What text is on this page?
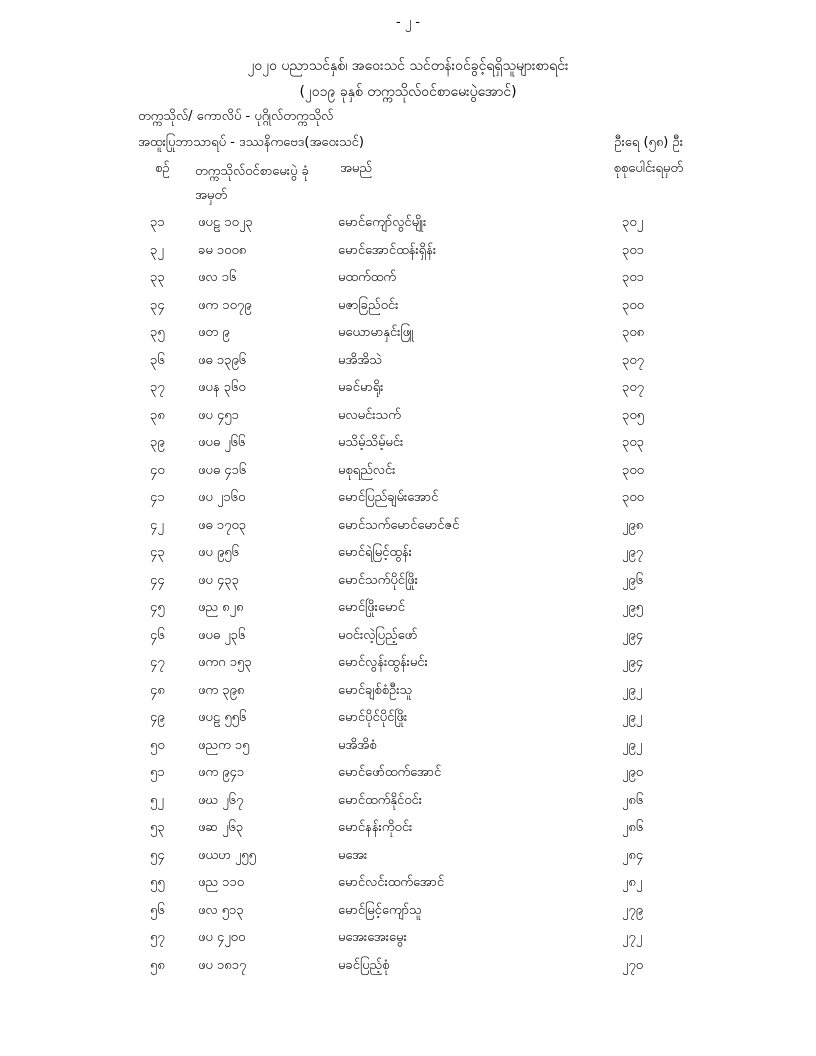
- ၂ -
၂၀၂၀ ပညာသင်နှစ်၊ အဝေးသင် သင်တန်းဝင်ခွင့်ရရှိသူများစာရင်း
(၂၀၁၉ ခုနှစ် တက္ကသိုလ်ဝင်စာမေးပွဲအောင်)
တက္ကသိုလ်/ ကောလိပ် - ပုဂ္ဂိုလ်တက္ကသိုလ်
အထူးပြုဘာသာရပ် - ဒဿနိကဗေဒ(အဝေးသင်)	ဦးရေ (၅၈) ဦး
စဉ် တက္ကသိုလ်ဝင်စာမေးပွဲ ခုံအမှတ်
အမည်	စုစုပေါင်းရမှတ်
၃၁	ဖပဠ ၁၀၂၃	မောင်ကျော်လွင်မျိုး	၃၀၂
၃၂	ခမ ၁၀၀၈	မောင်အောင်ထန်းရှိန်း	၃၀၁
၃၃	ဖလ ၁၆	မထက်ထက်	၃၀၁
၃၄	ဖက ၁၀၇၉	မဇာခြည်ဝင်း	၃၀၀
၃၅	ဖတ ၉	မယောမာနှင်းဖြူ	၃၀၈
၃၆	ဖဓ ၁၃၉၆	မအိအိသဲ	၃၀၇
၃၇	ဖပန ၃၆၀	မခင်မာရိုး	၃၀၇
၃၈	ဖပ ၄၅၁	မလမင်းသက်	၃၀၅
၃၉	ဖပဓ ၂၆၆	မသိမ့်သိမ့်မင်း	၃၀၃
၄၀	ဖပဓ ၄၁၆	မစုရည်လင်း	၃၀၀
၄၁	ဖပ ၂၁၆၀	မောင်ပြည်ချမ်းအောင်	၃၀၀
၄၂	ဖဓ ၁၇၀၃	မောင်သက်မောင်မောင်ဇင်	၂၉၈
၄၃	ဖပ ၉၅၆	မောင်ရဲမြင့်ထွန်း	၂၉၇
၄၄	ဖပ ၄၃၃	မောင်သက်ပိုင်ဖြိုး	၂၉၆
၄၅	ဖည ၈၂၈	မောင်ဖြိုးမောင်	၂၉၅
၄၆	ဖပဓ ၂၃၆	မဝင်းလဲ့ပြည့်ဖော်	၂၉၄
၄၇	ဖကဂ ၁၅၃	မောင်လွန်းထွန်းမင်း	၂၉၄
၄၈	ဖက ၃၉၈	မောင်ချစ်စံဦးသူ	၂၉၂
၄၉	ဖပဠ ၅၅၆	မောင်ပိုင်ပိုင်ဖြိုး	၂၉၂
၅၀	ဖညက ၁၅	မအိအိစံ	၂၉၂
၅၁	ဖက ၉၄၁	မောင်ဖော်ထက်အောင်	၂၉၀
၅၂	ဖဃ ၂၆၇	မောင်ထက်နိုင်ဝင်း	၂၈၆
၅၃	ဖဆ ၂၆၃	မောင်နန်းကိုဝင်း	၂၈၆
၅၄	ဖယဟ ၂၅၅	မအေး	၂၈၄
၅၅	ဖည ၁၁၀	မောင်လင်းထက်အောင်	၂၈၂
၅၆	ဖလ ၅၁၃	မောင်မြင့်ကျော်သူ	၂၇၉
၅၇	ဖပ ၄၂၀၀	မအေးအေးမွေး	၂၇၂
၅၈	ဖပ ၁၈၁၇	မခင်ပြည့်စုံ	၂၇၀
